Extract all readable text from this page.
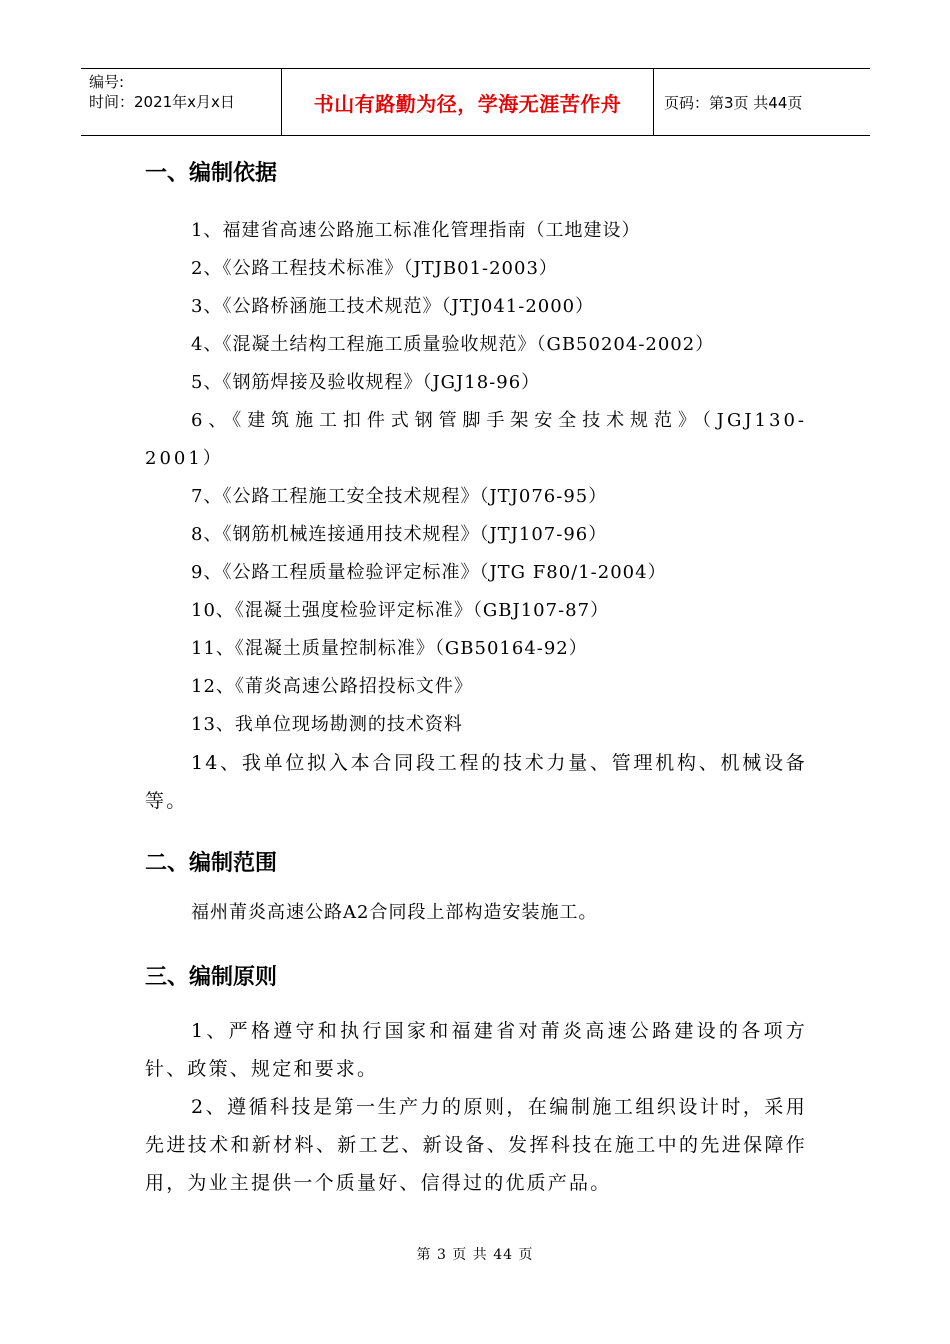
编号:
时间：2021年x月x日	书山有路勤为径，学海无涯苦作舟	页码：第3页 共44页
一、编制依据

1、福建省高速公路施工标准化管理指南（工地建设）

2、《公路工程技术标准》（JTJB01-2003）

3、《公路桥涵施工技术规范》（JTJ041-2000）

4、《混凝土结构工程施工质量验收规范》（GB50204-2002）

5、《钢筋焊接及验收规程》（JGJ18-96）

6、《建筑施工扣件式钢管脚手架安全技术规范》（JGJ130-2001）

7、《公路工程施工安全技术规程》（JTJ076-95）

8、《钢筋机械连接通用技术规程》（JTJ107-96）

9、《公路工程质量检验评定标准》（JTG F80/1-2004）

10、《混凝土强度检验评定标准》（GBJ107-87）

11、《混凝土质量控制标准》（GB50164-92）

12、《莆炎高速公路招投标文件》

13、我单位现场勘测的技术资料

14、我单位拟入本合同段工程的技术力量、管理机构、机械设备等。

二、编制范围

福州莆炎高速公路A2合同段上部构造安装施工。

三、编制原则

1、严格遵守和执行国家和福建省对莆炎高速公路建设的各项方针、政策、规定和要求。

2、遵循科技是第一生产力的原则，在编制施工组织设计时，采用先进技术和新材料、新工艺、新设备、发挥科技在施工中的先进保障作用，为业主提供一个质量好、信得过的优质产品。

第 3 页 共 44 页
